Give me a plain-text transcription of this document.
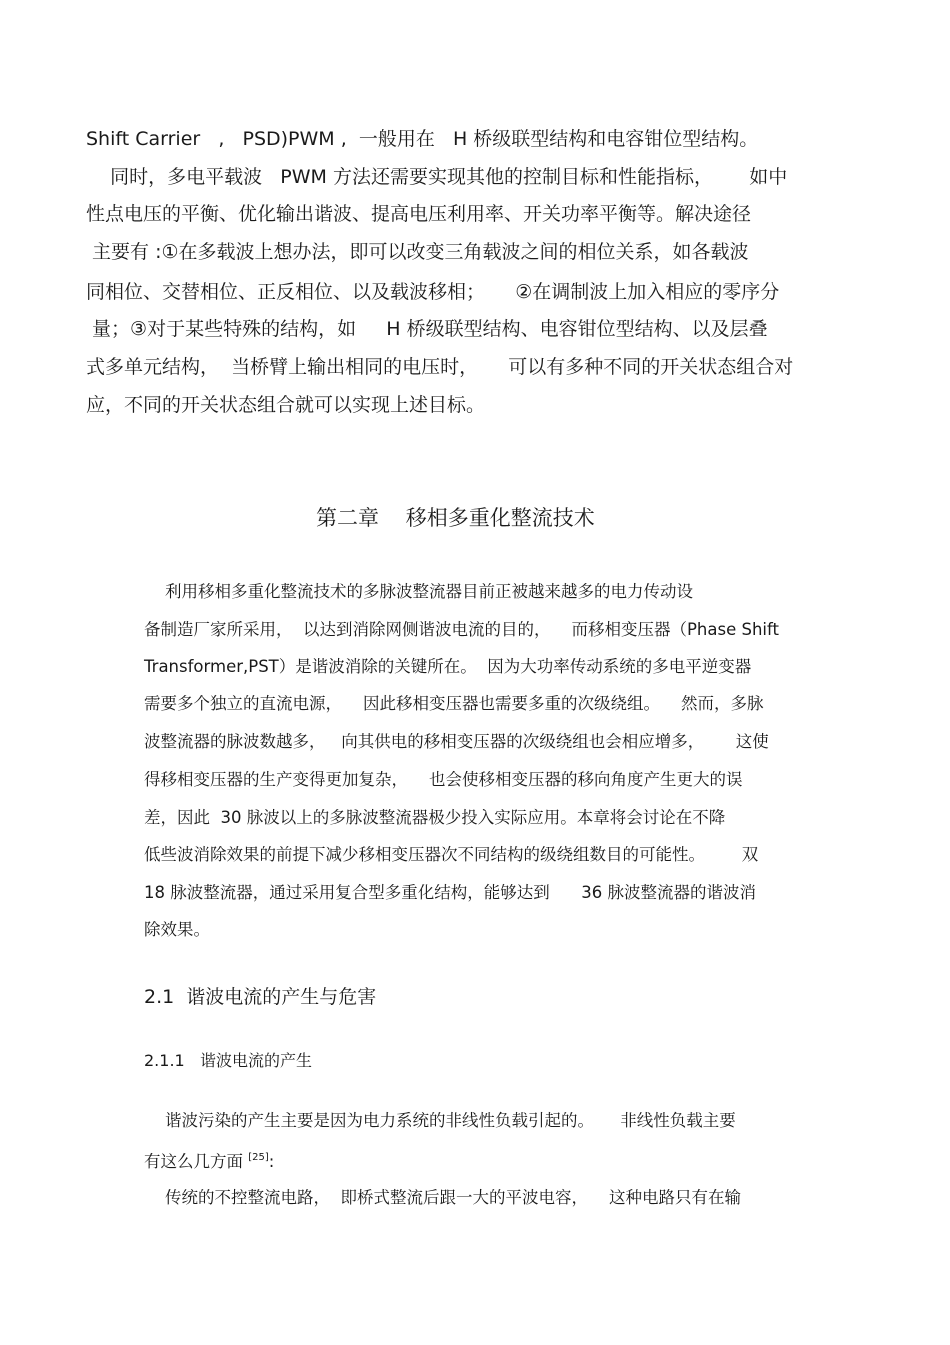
Shift Carrier   ,   PSD)PWM ,  一般用在   H 桥级联型结构和电容钳位型结构。
同时，多电平载波   PWM 方法还需要实现其他的控制目标和性能指标，      如中
性点电压的平衡、优化输出谐波、提高电压利用率、开关功率平衡等。解决途径
主要有 :①在多载波上想办法，即可以改变三角载波之间的相位关系，如各载波
同相位、交替相位、正反相位、以及载波移相；     ②在调制波上加入相应的零序分
量；③对于某些特殊的结构，如     H 桥级联型结构、电容钳位型结构、以及层叠
式多单元结构，  当桥臂上输出相同的电压时，     可以有多种不同的开关状态组合对
应，不同的开关状态组合就可以实现上述目标。
第二章    移相多重化整流技术
利用移相多重化整流技术的多脉波整流器目前正被越来越多的电力传动设
备制造厂家所采用，  以达到消除网侧谐波电流的目的，    而移相变压器（Phase Shift
Transformer,PST）是谐波消除的关键所在。  因为大功率传动系统的多电平逆变器
需要多个独立的直流电源，    因此移相变压器也需要多重的次级绕组。    然而，多脉
波整流器的脉波数越多，   向其供电的移相变压器的次级绕组也会相应增多，      这使
得移相变压器的生产变得更加复杂，    也会使移相变压器的移向角度产生更大的误
差，因此  30 脉波以上的多脉波整流器极少投入实际应用。本章将会讨论在不降
低些波消除效果的前提下减少移相变压器次不同结构的级绕组数目的可能性。       双
18 脉波整流器，通过采用复合型多重化结构，能够达到      36 脉波整流器的谐波消
除效果。
2.1  谐波电流的产生与危害
2.1.1   谐波电流的产生
谐波污染的产生主要是因为电力系统的非线性负载引起的。     非线性负载主要
有这么几方面 [25]:
传统的不控整流电路，  即桥式整流后跟一大的平波电容，    这种电路只有在输
